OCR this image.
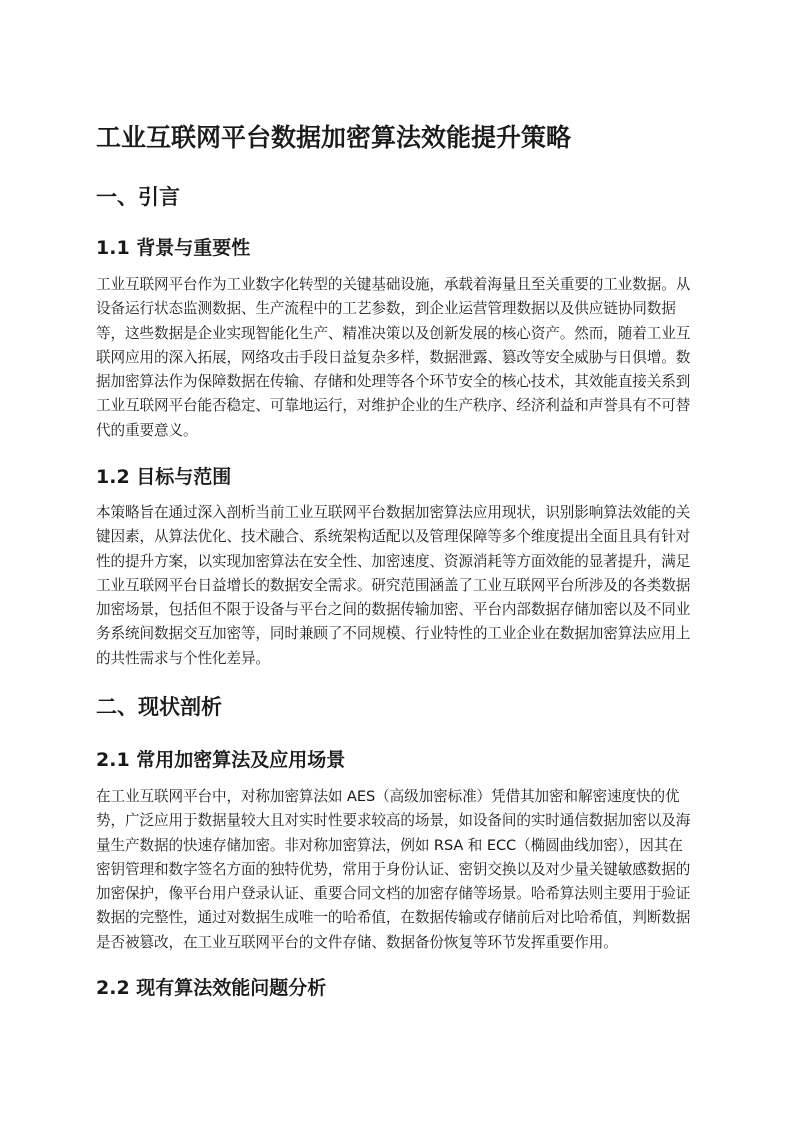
工业互联网平台数据加密算法效能提升策略
一、引言
1.1 背景与重要性
工业互联网平台作为工业数字化转型的关键基础设施，承载着海量且至关重要的工业数据。从
设备运行状态监测数据、生产流程中的工艺参数，到企业运营管理数据以及供应链协同数据
等，这些数据是企业实现智能化生产、精准决策以及创新发展的核心资产。然而，随着工业互
联网应用的深入拓展，网络攻击手段日益复杂多样，数据泄露、篡改等安全威胁与日俱增。数
据加密算法作为保障数据在传输、存储和处理等各个环节安全的核心技术，其效能直接关系到
工业互联网平台能否稳定、可靠地运行，对维护企业的生产秩序、经济利益和声誉具有不可替
代的重要意义。
1.2 目标与范围
本策略旨在通过深入剖析当前工业互联网平台数据加密算法应用现状，识别影响算法效能的关
键因素，从算法优化、技术融合、系统架构适配以及管理保障等多个维度提出全面且具有针对
性的提升方案，以实现加密算法在安全性、加密速度、资源消耗等方面效能的显著提升，满足
工业互联网平台日益增长的数据安全需求。研究范围涵盖了工业互联网平台所涉及的各类数据
加密场景，包括但不限于设备与平台之间的数据传输加密、平台内部数据存储加密以及不同业
务系统间数据交互加密等，同时兼顾了不同规模、行业特性的工业企业在数据加密算法应用上
的共性需求与个性化差异。
二、现状剖析
2.1 常用加密算法及应用场景
在工业互联网平台中，对称加密算法如 AES（高级加密标准）凭借其加密和解密速度快的优
势，广泛应用于数据量较大且对实时性要求较高的场景，如设备间的实时通信数据加密以及海
量生产数据的快速存储加密。非对称加密算法，例如 RSA 和 ECC（椭圆曲线加密），因其在
密钥管理和数字签名方面的独特优势，常用于身份认证、密钥交换以及对少量关键敏感数据的
加密保护，像平台用户登录认证、重要合同文档的加密存储等场景。哈希算法则主要用于验证
数据的完整性，通过对数据生成唯一的哈希值，在数据传输或存储前后对比哈希值，判断数据
是否被篡改，在工业互联网平台的文件存储、数据备份恢复等环节发挥重要作用。
2.2 现有算法效能问题分析
